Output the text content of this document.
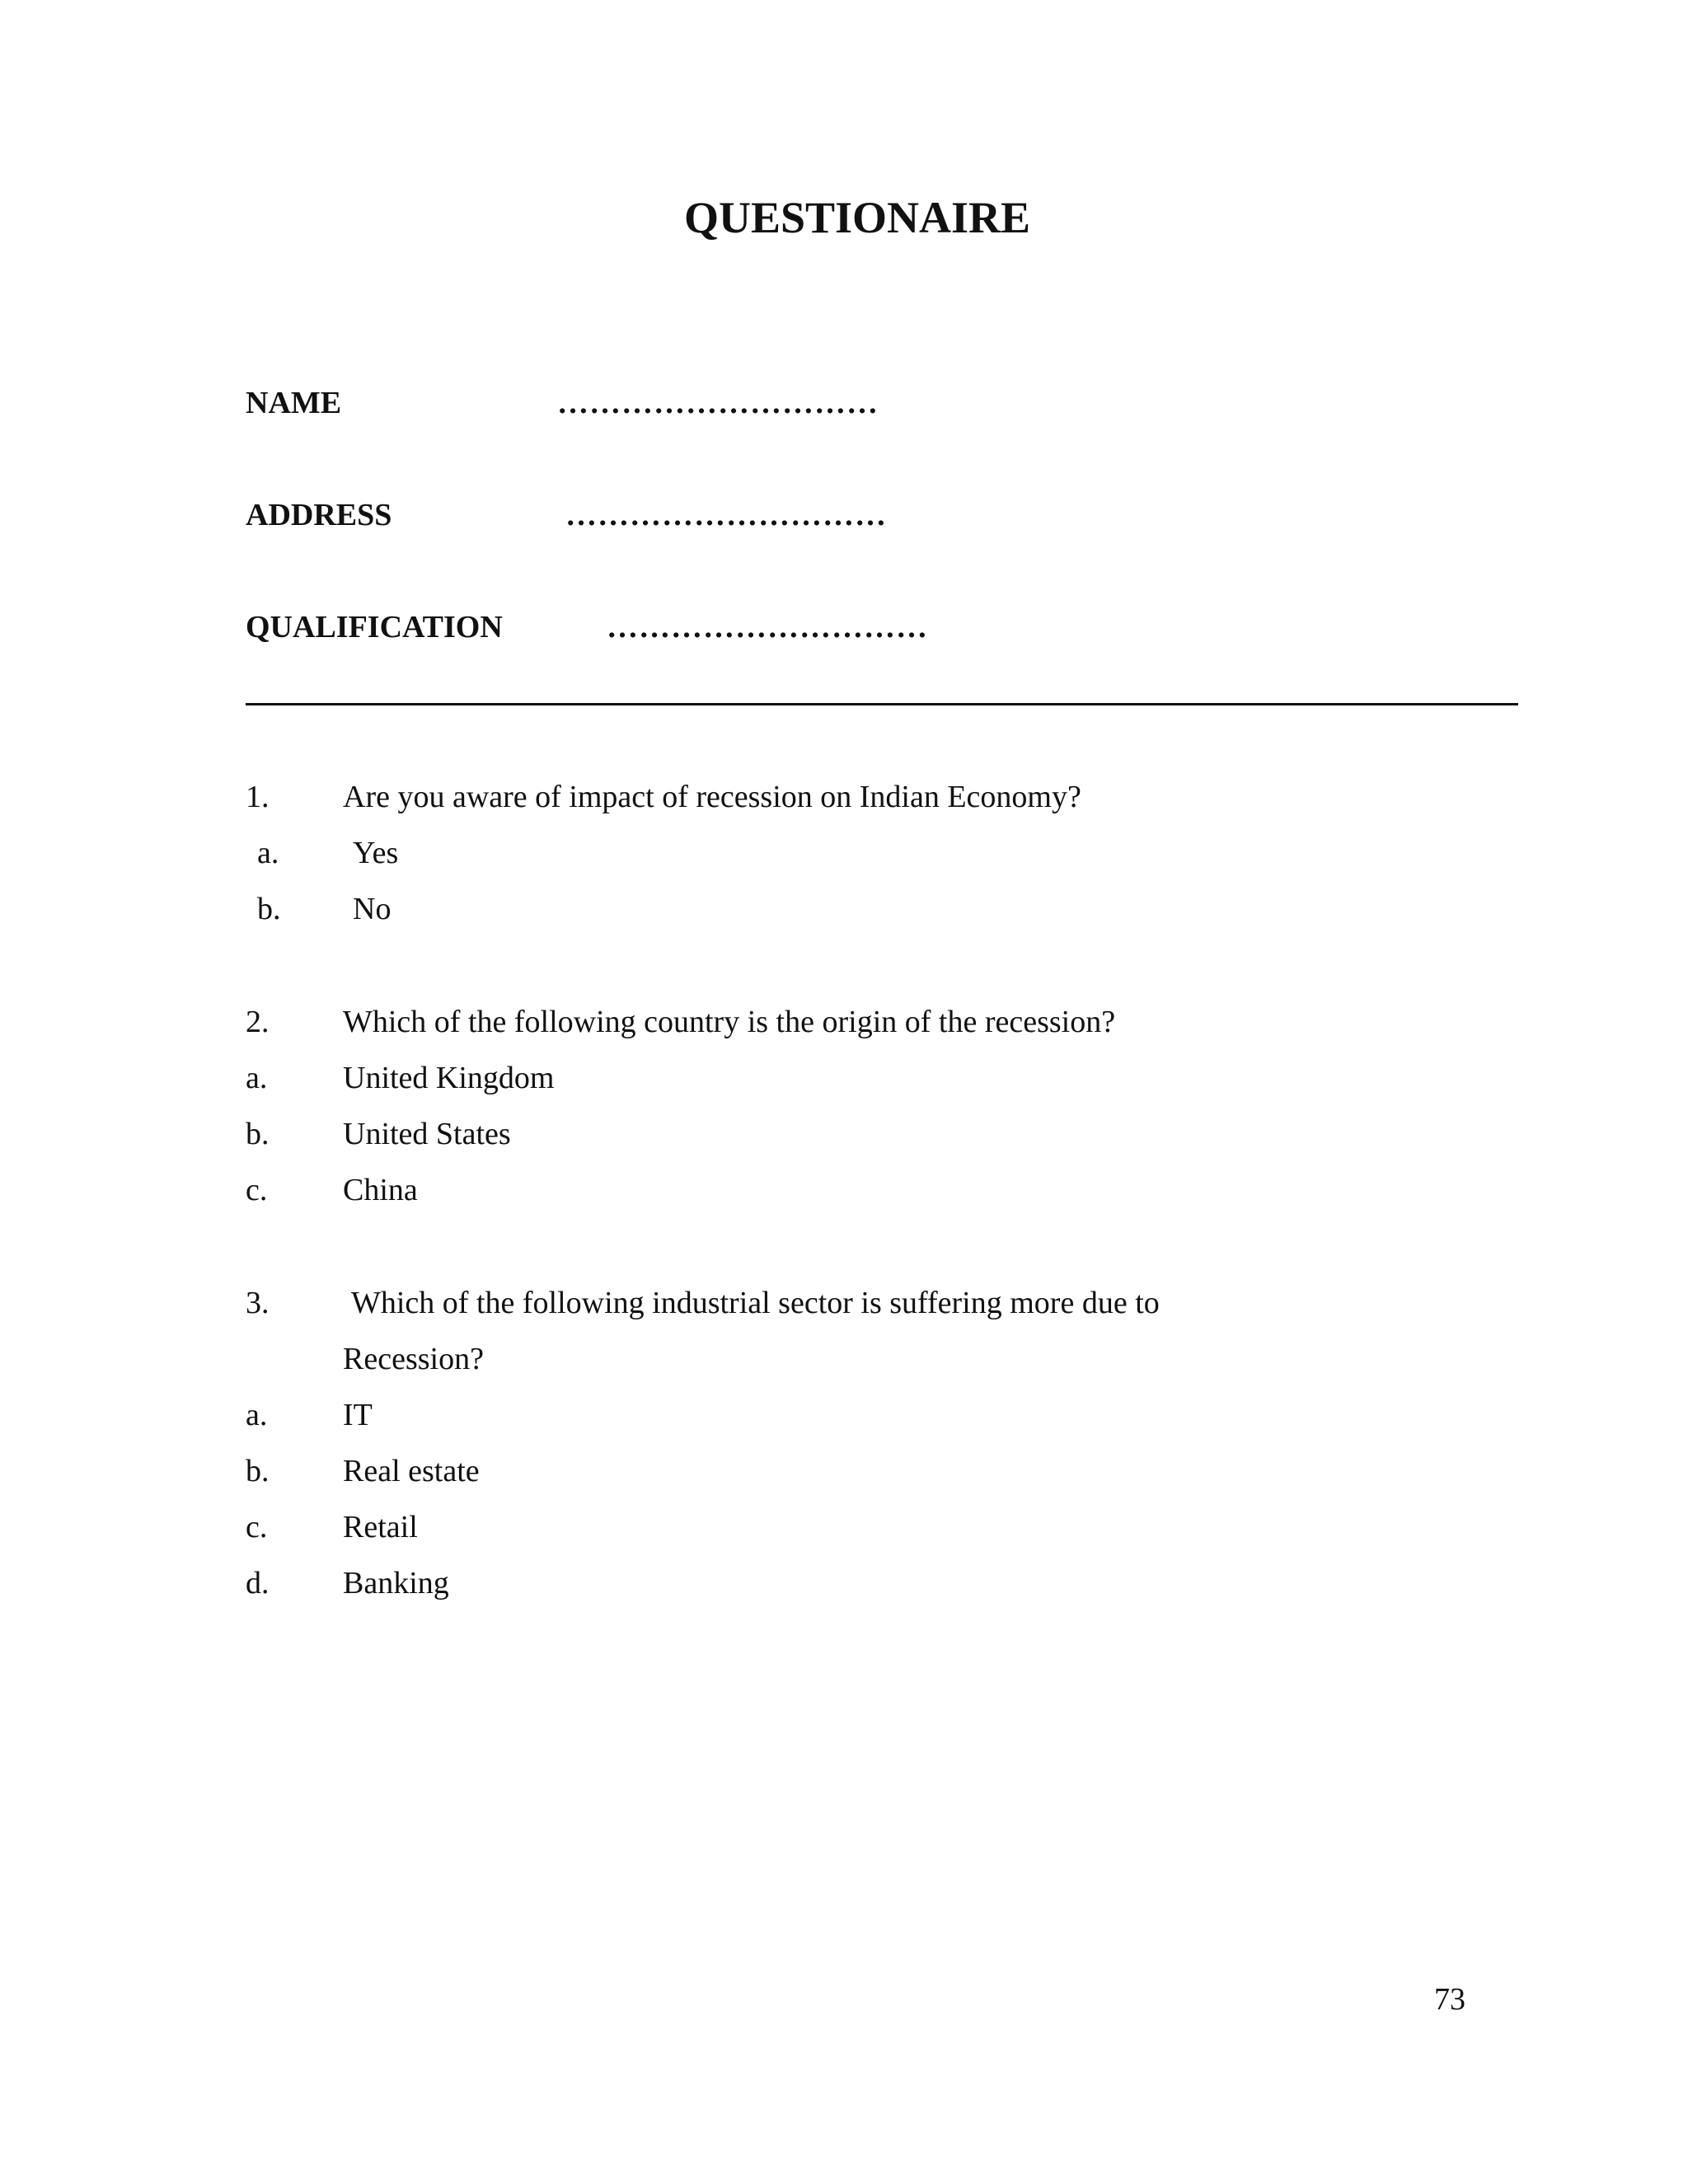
QUESTIONAIRE
NAME	…………………………
ADDRESS	…………………………
QUALIFICATION	…………………………
1. Are you aware of impact of recession on Indian Economy?
a. Yes
b. No
2. Which of the following country is the origin of the recession?
a. United Kingdom
b. United States
c. China
3.	Which of the following industrial sector is suffering more due to
Recession?
a. IT
b. Real estate
c. Retail
d. Banking
73
